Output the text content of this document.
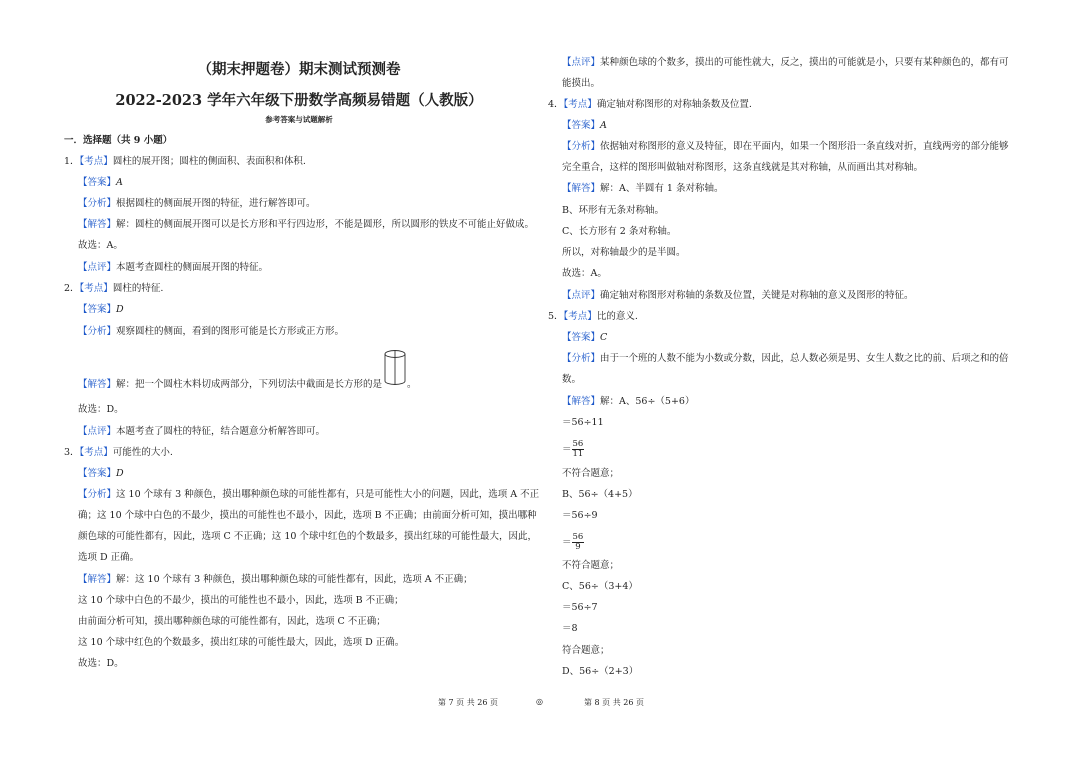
（期末押题卷）期末测试预测卷
2022-2023 学年六年级下册数学高频易错题（人教版）
参考答案与试题解析
一．选择题（共 9 小题）
1．【考点】圆柱的展开图；圆柱的侧面积、表面积和体积.
【答案】A
【分析】根据圆柱的侧面展开图的特征，进行解答即可。
【解答】解：圆柱的侧面展开图可以是长方形和平行四边形，不能是圆形，所以圆形的铁皮不可能止好做成。
故选：A。
【点评】本题考查圆柱的侧面展开图的特征。
2．【考点】圆柱的特征.
【答案】D
【分析】观察圆柱的侧面，看到的图形可能是长方形或正方形。
【解答】解：把一个圆柱木料切成两部分，下列切法中截面是长方形的是	。
故选：D。
【点评】本题考查了圆柱的特征，结合题意分析解答即可。
3．【考点】可能性的大小.
【答案】D
【分析】这 10 个球有 3 种颜色，摸出哪种颜色球的可能性都有，只是可能性大小的问题，因此，选项 A 不正
确；这 10 个球中白色的不最少，摸出的可能性也不最小，因此，选项 B 不正确；由前面分析可知，摸出哪种
颜色球的可能性都有，因此，选项 C 不正确；这 10 个球中红色的个数最多，摸出红球的可能性最大，因此，
选项 D 正确。
【解答】解：这 10 个球有 3 种颜色，摸出哪种颜色球的可能性都有，因此，选项 A 不正确；
这 10 个球中白色的不最少，摸出的可能性也不最小，因此，选项 B 不正确；
由前面分析可知，摸出哪种颜色球的可能性都有，因此，选项 C 不正确；
这 10 个球中红色的个数最多，摸出红球的可能性最大，因此，选项 D 正确。
故选：D。
【点评】某种颜色球的个数多，摸出的可能性就大，反之，摸出的可能就是小，只要有某种颜色的，都有可
能摸出。
4．【考点】确定轴对称图形的对称轴条数及位置.
【答案】A
【分析】依据轴对称图形的意义及特征，即在平面内，如果一个图形沿一条直线对折，直线两旁的部分能够
完全重合，这样的图形叫做轴对称图形，这条直线就是其对称轴，从而画出其对称轴。
【解答】解：A、半圆有 1 条对称轴。
B、环形有无条对称轴。
C、长方形有 2 条对称轴。
所以，对称轴最少的是半圆。
故选：A。
【点评】确定轴对称图形对称轴的条数及位置，关键是对称轴的意义及图形的特征。
5．【考点】比的意义.
【答案】C
【分析】由于一个班的人数不能为小数或分数，因此，总人数必须是男、女生人数之比的前、后项之和的倍
数。
【解答】解：A、56÷（5+6）
＝56÷11
＝ $\frac{56}{11}$
不符合题意；
B、56÷（4+5）
＝56÷9
＝ $\frac{56}{9}$
不符合题意；
C、56÷（3+4）
＝56÷7
＝8
符合题意；
D、56÷（2+3）
第 7 页 共 26 页	◎	第 8 页 共 26 页
